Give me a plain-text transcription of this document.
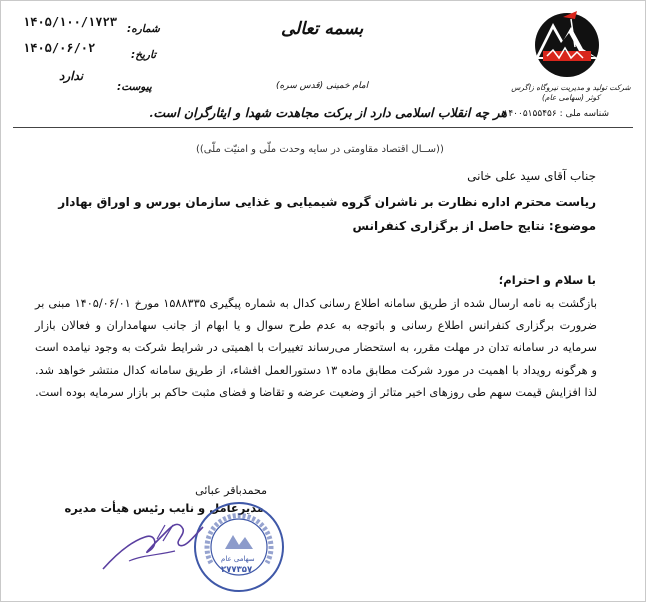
شرکت تولید و مدیریت نیروگاه زاگرس کوثر (سهامی عام)
بسمه تعالی
امام خمینی (قدس سره)
هر چه انقلاب اسلامی دارد از برکت مجاهدت شهدا و ایثارگران است.
شماره:
۱۴۰۵/۱۰۰/۱۷۲۳
تاریخ:
۱۴۰۵/۰۶/۰۲
پیوست:
ندارد
شناسه ملی : ۱۴۰۰۵۱۵۵۴۵۶
((ســال اقتصاد مقاومتی در سایه وحدت ملّی و امنیّت ملّی))
جناب آقای سید علی خانی
ریاست محترم اداره نظارت بر ناشران گروه شیمیایی و غذایی سازمان بورس و اوراق بهادار
موضوع: نتایج حاصل از برگزاری کنفرانس
با سلام و احترام؛
بازگشت به نامه ارسال شده از طریق سامانه اطلاع رسانی کدال به شماره پیگیری ۱۵۸۸۳۳۵ مورخ ۱۴۰۵/۰۶/۰۱ مبنی بر ضرورت برگزاری کنفرانس اطلاع رسانی و باتوجه به عدم طرح سوال و یا ابهام از جانب سهامداران و فعالان بازار سرمایه در سامانه تدان در مهلت مقرر، به استحضار می‌رساند تغییرات با اهمیتی در شرایط شرکت به وجود نیامده است و هرگونه رویداد با اهمیت در مورد شرکت مطابق ماده ۱۳ دستورالعمل افشاء، از طریق سامانه کدال منتشر خواهد شد. لذا افزایش قیمت سهم طی روزهای اخیر متاثر از وضعیت عرضه و تقاضا و فضای مثبت حاکم بر بازار سرمایه بوده است.
محمدباقر عبائی
مدیرعامل و نایب رئیس هیأت مدیره
سهامی عام
۲۷۷۳۵۷
